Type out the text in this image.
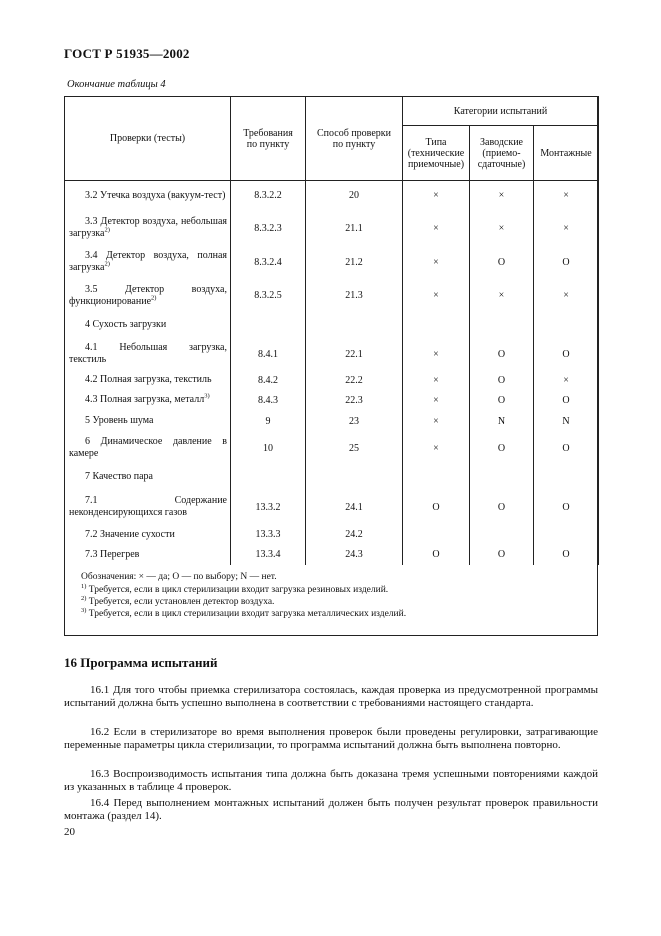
ГОСТ Р 51935—2002
Окончание таблицы 4
Проверки (тесты)	Требования по пункту	Способ проверки по пункту	Категории испытаний		
			Типа (технические приемочные)	Заводские (приемо-сдаточные)	Монтажные
3.2 Утечка воздуха (вакуум-тест)	8.3.2.2	20	×	×	×
3.3 Детектор воздуха, небольшая загрузка$^{2)}$	8.3.2.3	21.1	×	×	×
3.4 Детектор воздуха, полная загрузка$^{2)}$	8.3.2.4	21.2	×	O	O
3.5 Детектор воздуха, функционирование$^{2)}$	8.3.2.5	21.3	×	×	×
4 Сухость загрузки					
4.1 Небольшая загрузка, текстиль	8.4.1	22.1	×	O	O
4.2 Полная загрузка, текстиль	8.4.2	22.2	×	O	×
4.3 Полная загрузка, металл$^{3)}$	8.4.3	22.3	×	O	O
5 Уровень шума	9	23	×	N	N
6 Динамическое давление в камере	10	25	×	O	O
7 Качество пара					
7.1 Содержание неконденсирующихся газов	13.3.2	24.1	O	O	O
7.2 Значение сухости	13.3.3	24.2			
7.3 Перегрев	13.3.4	24.3	O	O	O
Обозначения: × — да; O — по выбору; N — нет.
$^{1)}$ Требуется, если в цикл стерилизации входит загрузка резиновых изделий.
$^{2)}$ Требуется, если установлен детектор воздуха.
$^{3)}$ Требуется, если в цикл стерилизации входит загрузка металлических изделий.
16 Программа испытаний
16.1 Для того чтобы приемка стерилизатора состоялась, каждая проверка из предусмотренной программы испытаний должна быть успешно выполнена в соответствии с требованиями настоящего стандарта.
16.2 Если в стерилизаторе во время выполнения проверок были проведены регулировки, затрагивающие переменные параметры цикла стерилизации, то программа испытаний должна быть выполнена повторно.
16.3 Воспроизводимость испытания типа должна быть доказана тремя успешными повторениями каждой из указанных в таблице 4 проверок.
16.4 Перед выполнением монтажных испытаний должен быть получен результат проверок правильности монтажа (раздел 14).
20
